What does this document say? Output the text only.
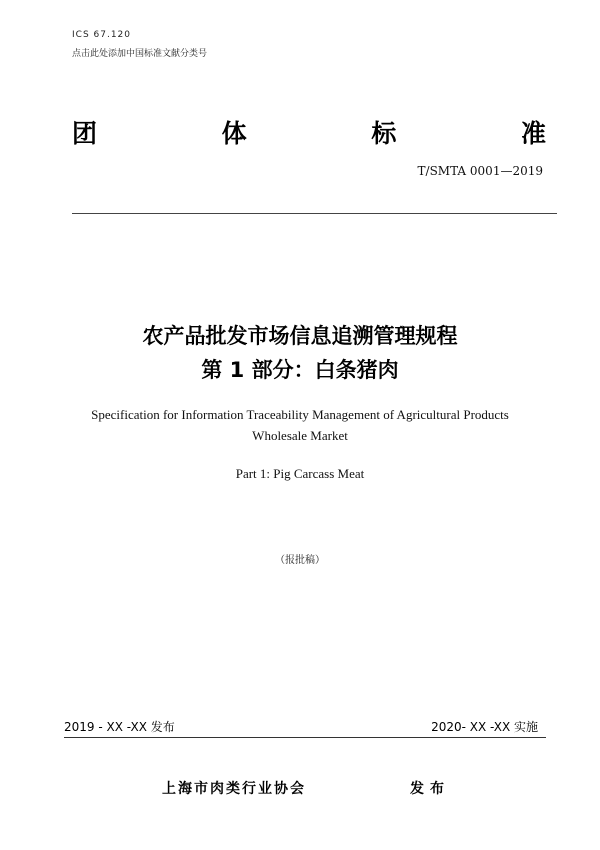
ICS 67.120
点击此处添加中国标准文献分类号
团	体	标	准
T/SMTA 0001—2019
农产品批发市场信息追溯管理规程
第 1 部分：白条猪肉
Specification for Information Traceability Management of Agricultural Products
Wholesale Market
Part 1: Pig Carcass Meat
（报批稿）
2019 - XX -XX 发布	2020- XX -XX 实施
上海市肉类行业协会	发布
